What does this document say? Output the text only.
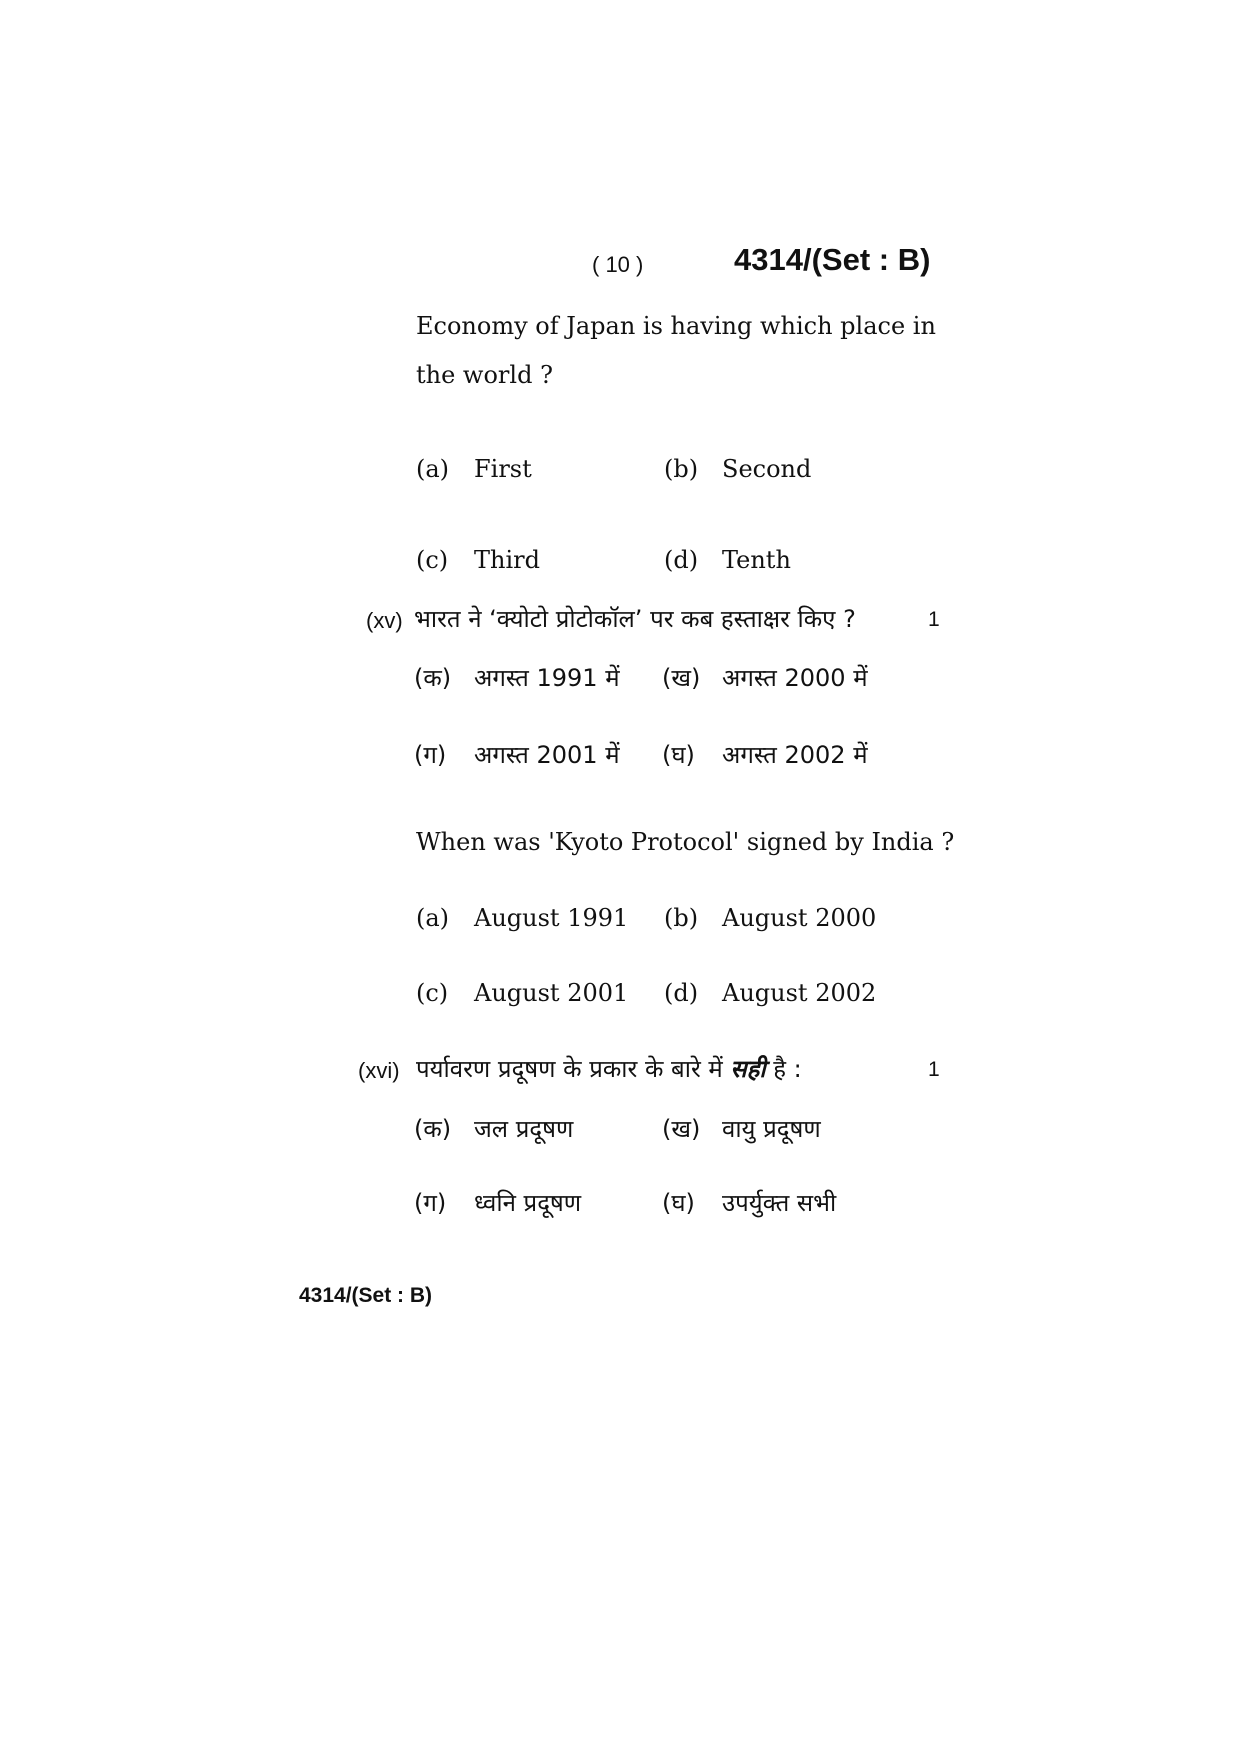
( 10 )	4314/(Set : B)
Economy of Japan is having which place in
the world ?
(a) First	(b) Second
(c) Third	(d) Tenth
(xv) भारत ने ‘क्योटो प्रोटोकॉल’ पर कब हस्ताक्षर किए ?	1
(क) अगस्त 1991 में (ख) अगस्त 2000 में
(ग) अगस्त 2001 में (घ) अगस्त 2002 में
When was 'Kyoto Protocol' signed by India ?
(a) August 1991 (b) August 2000
(c) August 2001 (d) August 2002
(xvi) पर्यावरण प्रदूषण के प्रकार के बारे में सही है :	1
(क) जल प्रदूषण	(ख) वायु प्रदूषण
(ग) ध्वनि प्रदूषण	(घ) उपर्युक्त सभी
4314/(Set : B)
